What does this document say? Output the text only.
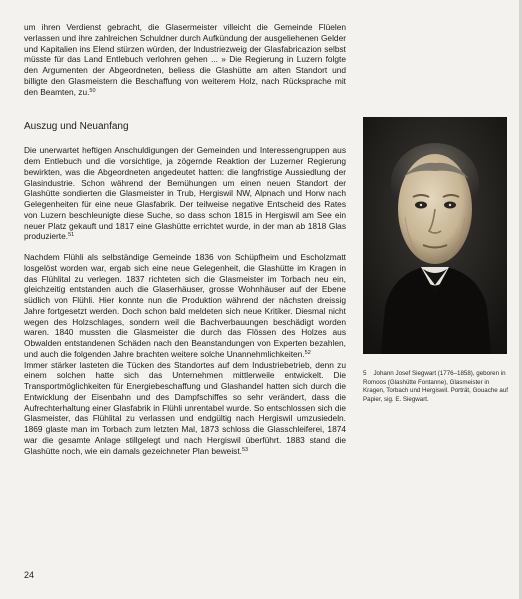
um ihren Verdienst gebracht, die Glasermeister villeicht die Gemeinde Flüelen verlassen und ihre zahlreichen Schuldner durch Aufkündung der ausgeliehenen Gelder und Kapitalien ins Elend stürzen würden, der Industriezweig der Glasfabricazion selbst müsste für das Land Entlebuch verlohren gehen ... » Die Regierung in Luzern folgte den Argumenten der Abgeordneten, beliess die Glashütte am alten Standort und billigte den Glasmeistern die Beschaffung von weiterem Holz, nach Rücksprache mit den Beamten, zu.$^{50}$

Auszug und Neuanfang

Die unerwartet heftigen Anschuldigungen der Gemeinden und Interessengruppen aus dem Entlebuch und die vorsichtige, ja zögernde Reaktion der Luzerner Regierung bewirkten, was die Abgeordneten angedeutet hatten: die langfristige Aussiedlung der Glasindustrie. Schon während der Bemühungen um einen neuen Standort der Glashütte sondierten die Glasmeister in Trub, Hergiswil NW, Alpnach und Horw nach Gelegenheiten für eine neue Glasfabrik. Der teilweise negative Entscheid des Rates von Luzern beschleunigte diese Suche, so dass schon 1815 in Hergiswil am See ein neuer Platz gekauft und 1817 eine Glashütte errichtet wurde, in der man ab 1818 Glas produzierte.$^{51}$

Nachdem Flühli als selbständige Gemeinde 1836 von Schüpfheim und Escholzmatt losgelöst worden war, ergab sich eine neue Gelegenheit, die Glashütte im Kragen in das Flühlital zu verlegen. 1837 richteten sich die Glasmeister im Torbach neu ein, gleichzeitig entstanden auch die Glaserhäuser, grosse Wohnhäuser auf der Ebene südlich von Flühli. Hier konnte nun die Produktion während der nächsten dreissig Jahre fortgesetzt werden. Doch schon bald meldeten sich neue Kritiker. Diesmal nicht wegen des Holzschlages, sondern weil die Bachverbauungen beschädigt worden waren. 1840 mussten die Glasmeister die durch das Flössen des Holzes aus Obwalden entstandenen Schäden nach den Beanstandungen von Experten bezahlen, und auch die folgenden Jahre brachten weitere solche Unannehmlichkeiten.$^{52}$

Immer stärker lasteten die Tücken des Standortes auf dem Industriebetrieb, denn zu einem solchen hatte sich das Unternehmen mittlerweile entwickelt. Die Transportmöglichkeiten für Energiebeschaffung und Glashandel hatten sich durch die Entwicklung der Eisenbahn und des Dampfschiffes so sehr verändert, dass die Aufrechterhaltung einer Glasfabrik in Flühli unrentabel wurde. So entschlossen sich die Glasmeister, das Flühlital zu verlassen und endgültig nach Hergiswil umzusiedeln. 1869 glaste man im Torbach zum letzten Mal, 1873 schloss die Glasschleiferei, 1874 war die gesamte Anlage stillgelegt und nach Hergiswil überführt. 1883 stand die Glashütte noch, wie ein damals gezeichneter Plan beweist.$^{53}$

24
5 Johann Josef Siegwart (1776–1858), geboren in Romoos (Glashütte Fontanne), Glasmeister in Kragen, Torbach und Hergiswil. Porträt, Gouache auf Papier, sig. E. Siegwart.
